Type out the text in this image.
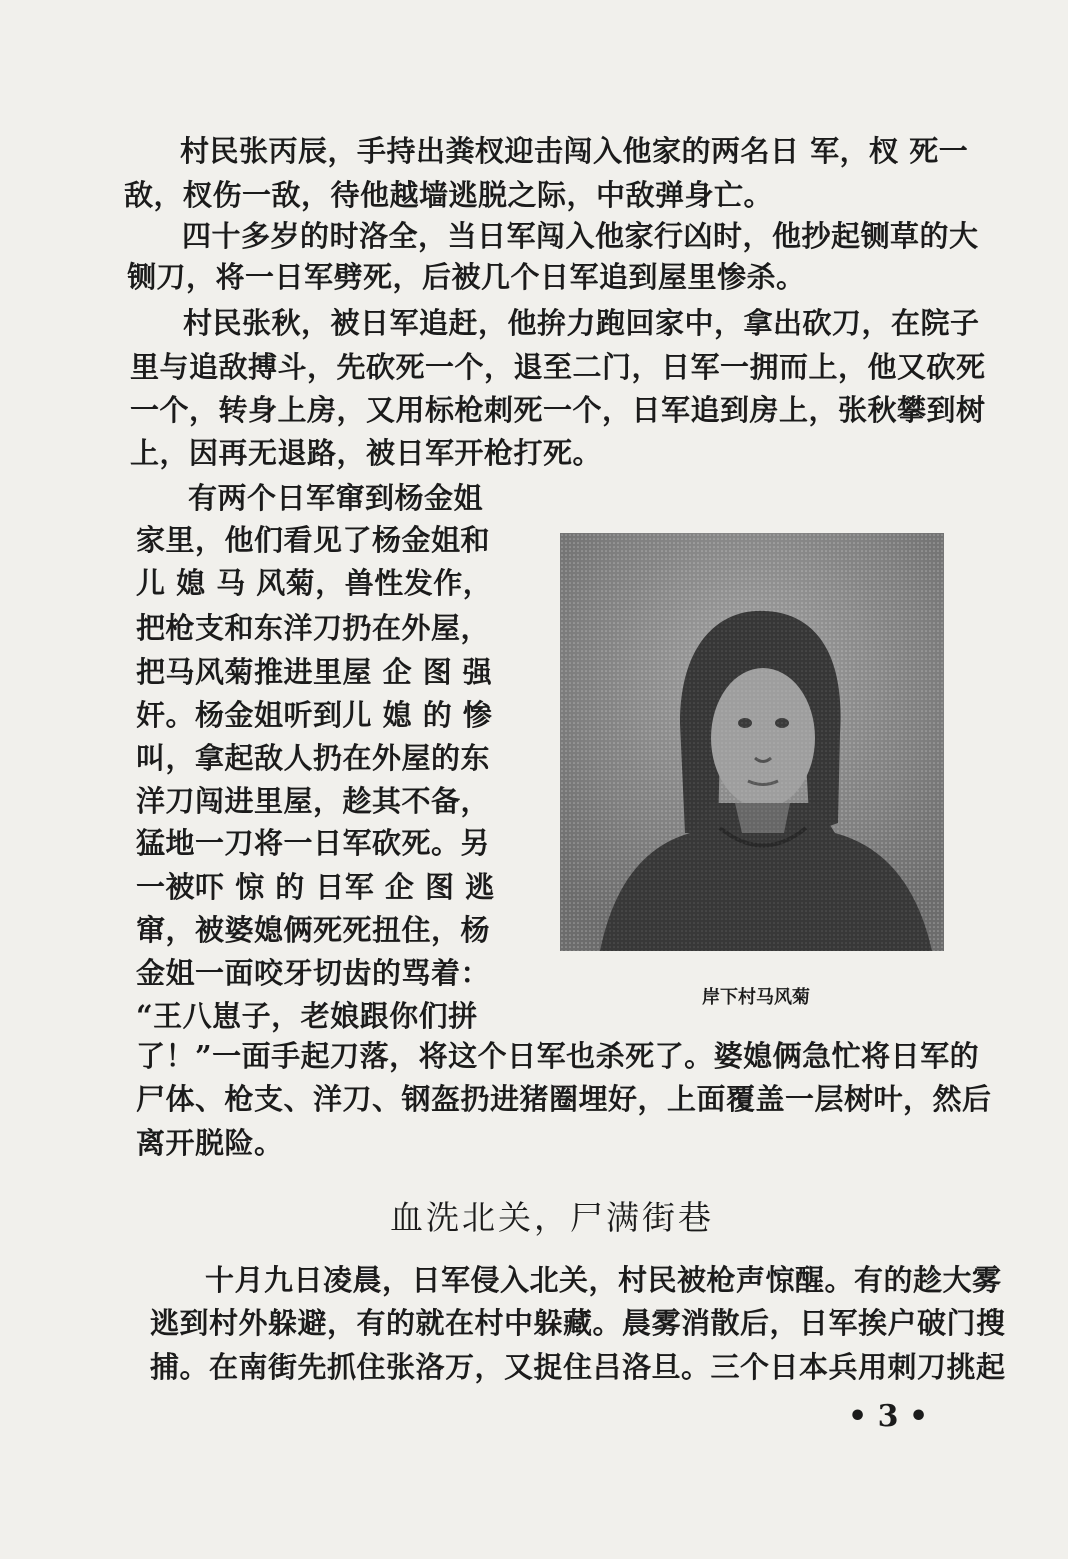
村民张丙辰，手持出粪杈迎击闯入他家的两名日 军，杈 死一
敌，杈伤一敌，待他越墙逃脱之际，中敌弹身亡。
四十多岁的时洛全，当日军闯入他家行凶时，他抄起铡草的大
铡刀，将一日军劈死，后被几个日军追到屋里惨杀。
村民张秋，被日军追赶，他拚力跑回家中，拿出砍刀，在院子
里与追敌搏斗，先砍死一个，退至二门，日军一拥而上，他又砍死
一个，转身上房，又用标枪刺死一个，日军追到房上，张秋攀到树
上，因再无退路，被日军开枪打死。
有两个日军窜到杨金姐
家里，他们看见了杨金姐和
儿 媳 马 风菊，兽性发作，
把枪支和东洋刀扔在外屋，
把马风菊推进里屋 企 图 强
奸。杨金姐听到儿 媳 的 惨
叫，拿起敌人扔在外屋的东
洋刀闯进里屋，趁其不备，
猛地一刀将一日军砍死。另
一被吓 惊 的 日军 企 图 逃
窜，被婆媳俩死死扭住，杨
金姐一面咬牙切齿的骂着：
“王八崽子，老娘跟你们拼
了！”一面手起刀落，将这个日军也杀死了。婆媳俩急忙将日军的
尸体、枪支、洋刀、钢盔扔进猪圈埋好，上面覆盖一层树叶，然后
离开脱险。
岸下村马风菊
血洗北关，尸满街巷
十月九日凌晨，日军侵入北关，村民被枪声惊醒。有的趁大雾
逃到村外躲避，有的就在村中躲藏。晨雾消散后，日军挨户破门搜
捕。在南街先抓住张洛万，又捉住吕洛旦。三个日本兵用刺刀挑起
• 3 •
